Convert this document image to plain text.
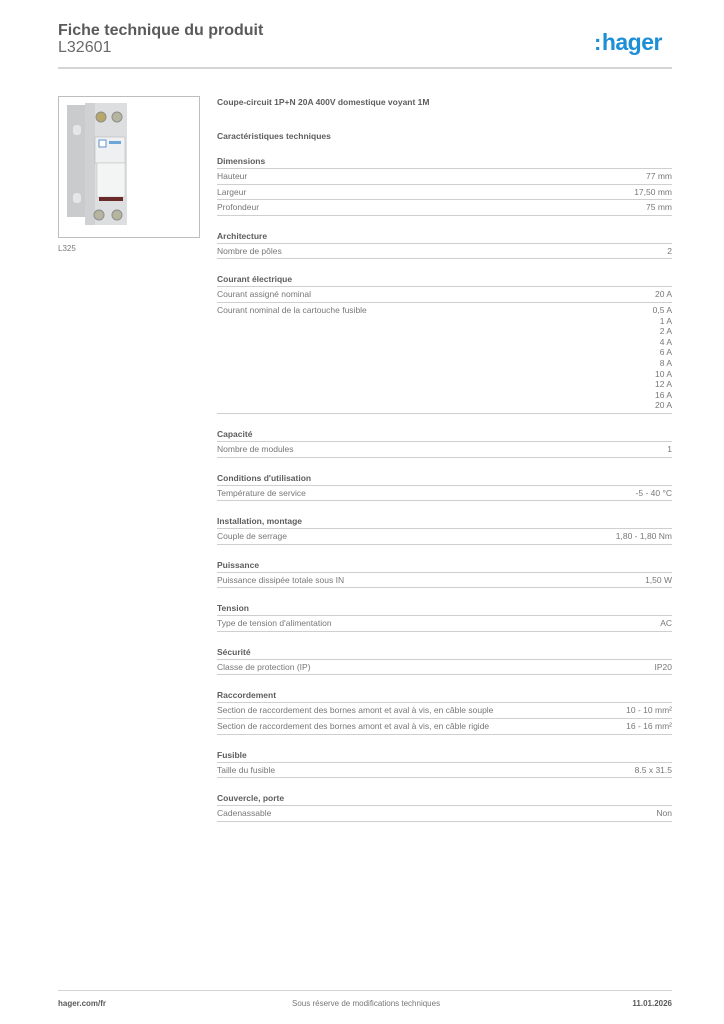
Fiche technique du produit
L32601	:hager
L325
Coupe-circuit 1P+N 20A 400V domestique voyant 1M
Caractéristiques techniques
Dimensions
Hauteur	77 mm
Largeur	17,50 mm
Profondeur	75 mm
Architecture
Nombre de pôles	2
Courant électrique
Courant assigné nominal	20 A
Courant nominal de la cartouche fusible	0,5 A
1 A
2 A
4 A
6 A
8 A
10 A
12 A
16 A
20 A
Capacité
Nombre de modules	1
Conditions d'utilisation
Température de service	-5 - 40 °C
Installation, montage
Couple de serrage	1,80 - 1,80 Nm
Puissance
Puissance dissipée totale sous IN	1,50 W
Tension
Type de tension d'alimentation	AC
Sécurité
Classe de protection (IP)	IP20
Raccordement
Section de raccordement des bornes amont et aval à vis, en câble souple	10 - 10 mm²
Section de raccordement des bornes amont et aval à vis, en câble rigide	16 - 16 mm²
Fusible
Taille du fusible	8.5 x 31.5
Couvercle, porte
Cadenassable	Non
hager.com/fr	Sous réserve de modifications techniques	11.01.2026
